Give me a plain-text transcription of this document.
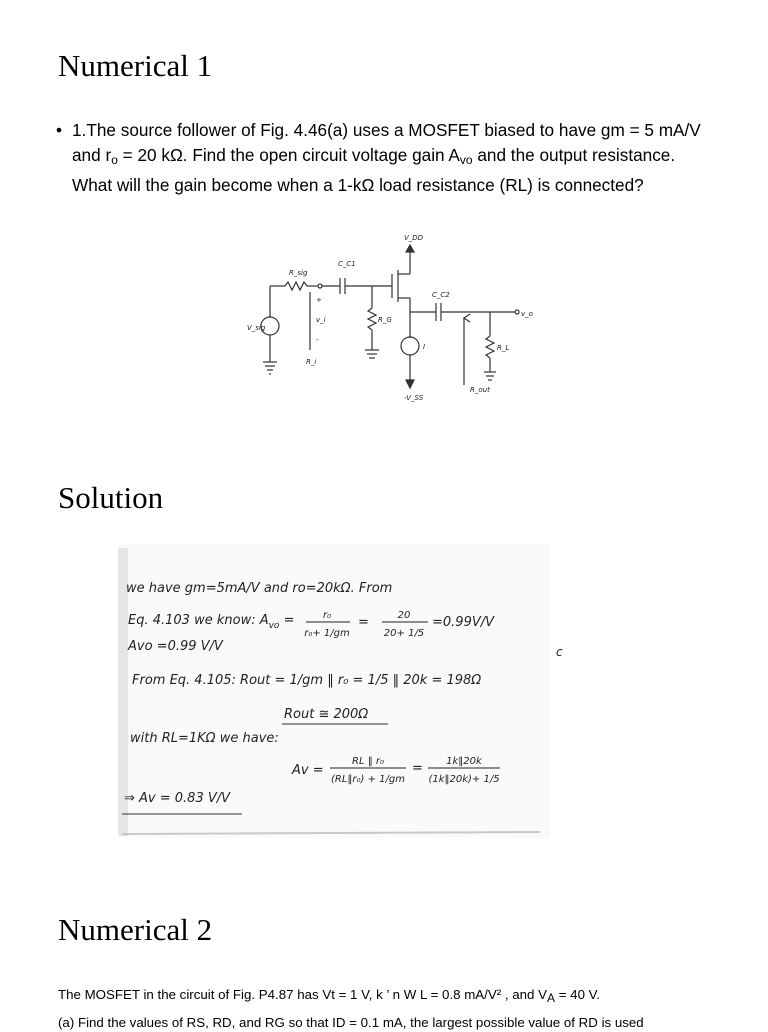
Numerical 1
• 1.The source follower of Fig. 4.46(a) uses a MOSFET biased to have gm = 5 mA/V and $r_o = 20$ kΩ. Find the open circuit voltage gain $A_{vo}$ and the output resistance. What will the gain become when a 1-kΩ load resistance (RL) is connected?
V_DD
-V_SS
C_C1
C_C2
R_sig
R_G
R_i
R_L
R_out
V_sig
v_i
v_o
I
+
-
Solution
c
we have gm=5mA/V and ro=20kΩ. From
Eq. 4.103 we know: $A_{vo}$ =	r₀
r₀+ 1/gm
=	20
20+ 1/5
=0.99V/V
Avo =0.99 V/V
From Eq. 4.105: Rout = 1/gm ‖ r₀ = 1/5 ‖ 20k = 198Ω
Rout ≅ 200Ω
with RL=1KΩ we have:
Av =
RL ‖ r₀
(RL‖r₀) + 1/gm
= 1k‖20k
(1k‖20k)+ 1/5
⇒ Av = 0.83 V/V
Numerical 2
The MOSFET in the circuit of Fig. P4.87 has Vt = 1 V, k ’ n W L = 0.8 mA/V² , and VA = 40 V.
(a) Find the values of RS, RD, and RG so that ID = 0.1 mA, the largest possible value of RD is used
